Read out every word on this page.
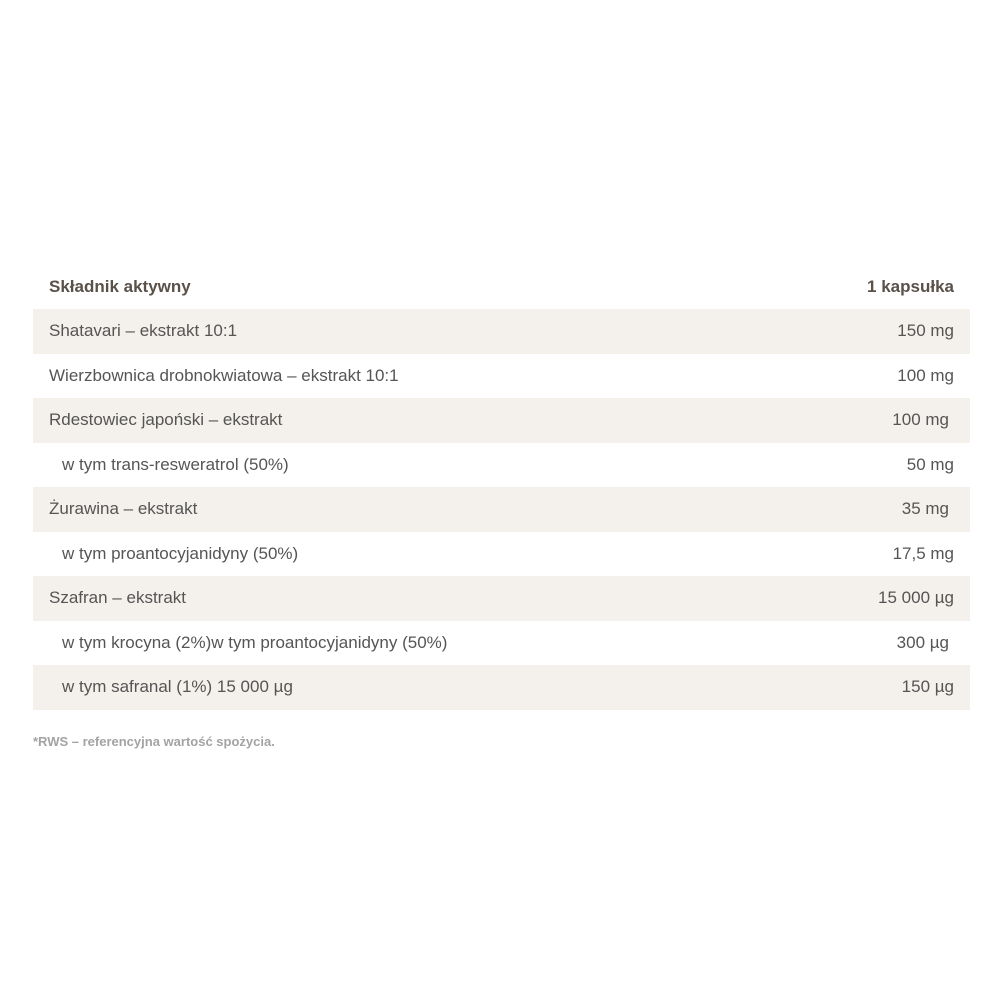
Składnik aktywny	1 kapsułka
Shatavari – ekstrakt 10:1	150 mg
Wierzbownica drobnokwiatowa – ekstrakt 10:1	100 mg
Rdestowiec japoński – ekstrakt	100 mg
w tym trans-resweratrol (50%)	50 mg
Żurawina – ekstrakt	35 mg
w tym proantocyjanidyny (50%)	17,5 mg
Szafran – ekstrakt	15 000 µg
w tym krocyna (2%)w tym proantocyjanidyny (50%)	300 µg
w tym safranal (1%) 15 000 µg	150 µg
*RWS – referencyjna wartość spożycia.
